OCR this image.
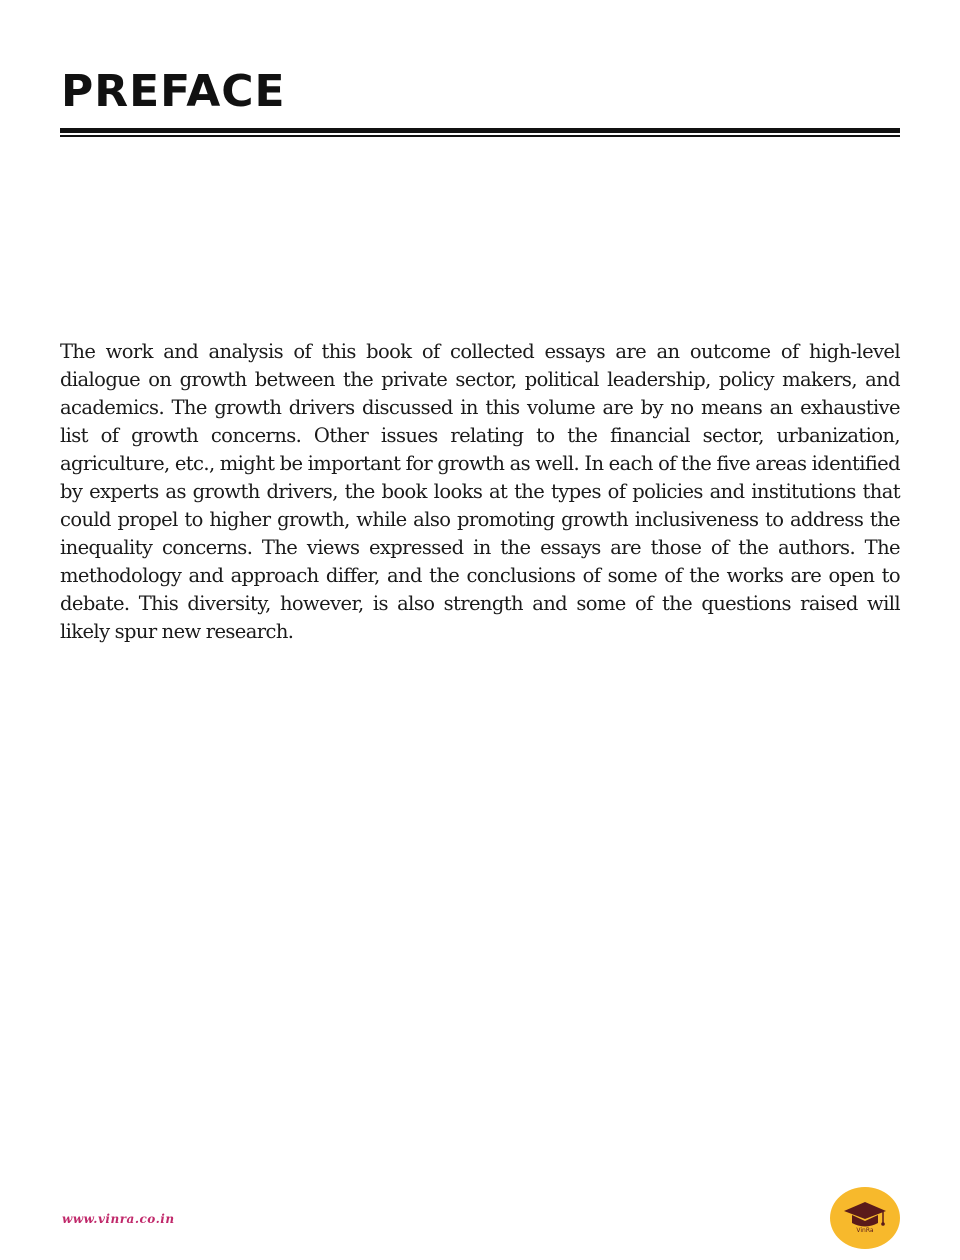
PREFACE

The work and analysis of this book of collected essays are an outcome of high-level dialogue on growth between the private sector, political leadership, policy makers, and academics. The growth drivers discussed in this volume are by no means an exhaustive list of growth concerns. Other issues relating to the financial sector, urbanization, agriculture, etc., might be important for growth as well. In each of the five areas identified by experts as growth drivers, the book looks at the types of policies and institutions that could propel to higher growth, while also promoting growth inclusiveness to address the inequality concerns. The views expressed in the essays are those of the authors. The methodology and approach differ, and the conclusions of some of the works are open to debate. This diversity, however, is also strength and some of the questions raised will likely spur new research.

www.vinra.co.in
VinRa
